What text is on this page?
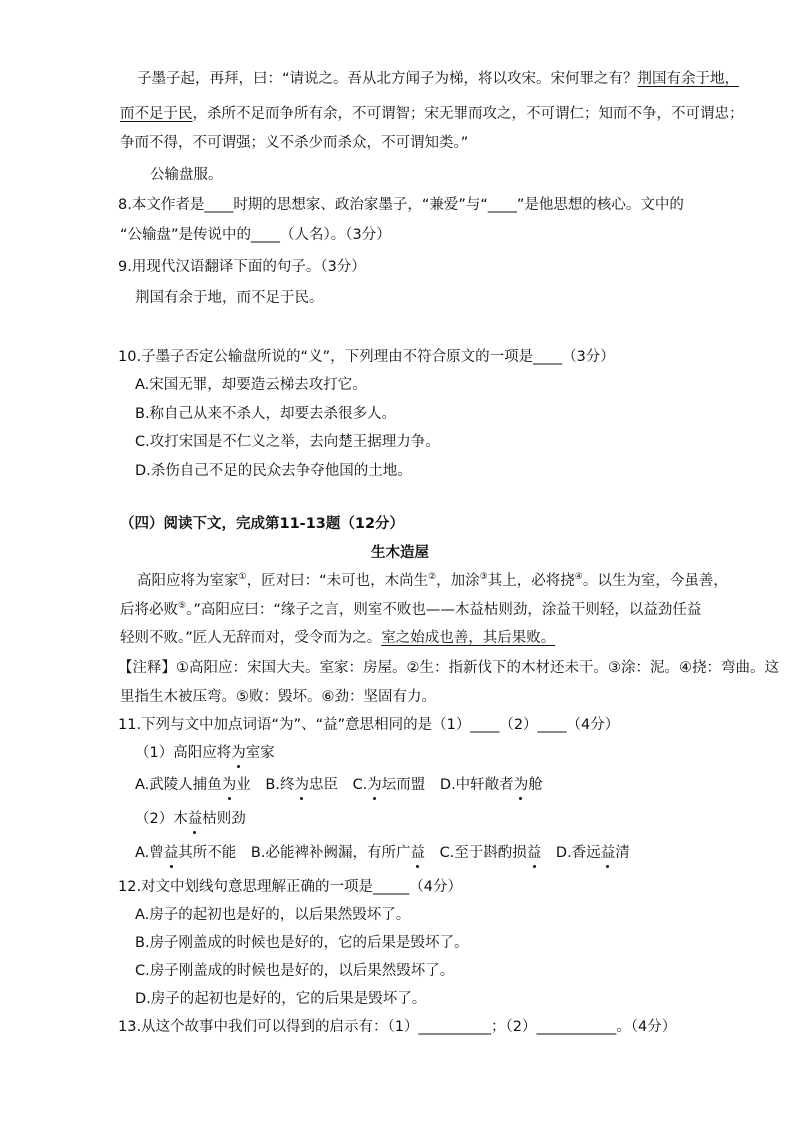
子墨子起，再拜，曰：“请说之。吾从北方闻子为梯，将以攻宋。宋何罪之有？荆国有余于地，
而不足于民，杀所不足而争所有余，不可谓智；宋无罪而攻之，不可谓仁；知而不争，不可谓忠；
争而不得，不可谓强；义不杀少而杀众，不可谓知类。”
公输盘服。
8.本文作者是____时期的思想家、政治家墨子，“兼爱”与“____”是他思想的核心。文中的
“公输盘”是传说中的____（人名）。（3分）
9.用现代汉语翻译下面的句子。（3分）
荆国有余于地，而不足于民。
10.子墨子否定公输盘所说的“义”，下列理由不符合原文的一项是____（3分）
A.宋国无罪，却要造云梯去攻打它。
B.称自己从来不杀人，却要去杀很多人。
C.攻打宋国是不仁义之举，去向楚王据理力争。
D.杀伤自己不足的民众去争夺他国的土地。
（四）阅读下文，完成第11-13题（12分）
生木造屋
高阳应将为室家①，匠对曰：“未可也，木尚生②，加涂③其上，必将挠④。以生为室，今虽善，
后将必败⑤。”高阳应曰：“缘子之言，则室不败也——木益枯则劲，涂益干则轻，以益劲任益
轻则不败。”匠人无辞而对，受令而为之。室之始成也善，其后果败。
【注释】①高阳应：宋国大夫。室家：房屋。②生：指新伐下的木材还未干。③涂：泥。④挠：弯曲。这
里指生木被压弯。⑤败：毁坏。⑥劲：坚固有力。
11.下列与文中加点词语“为”、“益”意思相同的是（1）____（2）____（4分）
（1）高阳应将为室家
A.武陵人捕鱼为业 B.终为忠臣 C.为坛而盟 D.中轩敞者为舱
（2）木益枯则劲
A.曾益其所不能 B.必能裨补阙漏，有所广益 C.至于斟酌损益 D.香远益清
12.对文中划线句意思理解正确的一项是_____（4分）
A.房子的起初也是好的，以后果然毁坏了。
B.房子刚盖成的时候也是好的，它的后果是毁坏了。
C.房子刚盖成的时候也是好的，以后果然毁坏了。
D.房子的起初也是好的，它的后果是毁坏了。
13.从这个故事中我们可以得到的启示有：（1）__________；（2）___________。（4分）
